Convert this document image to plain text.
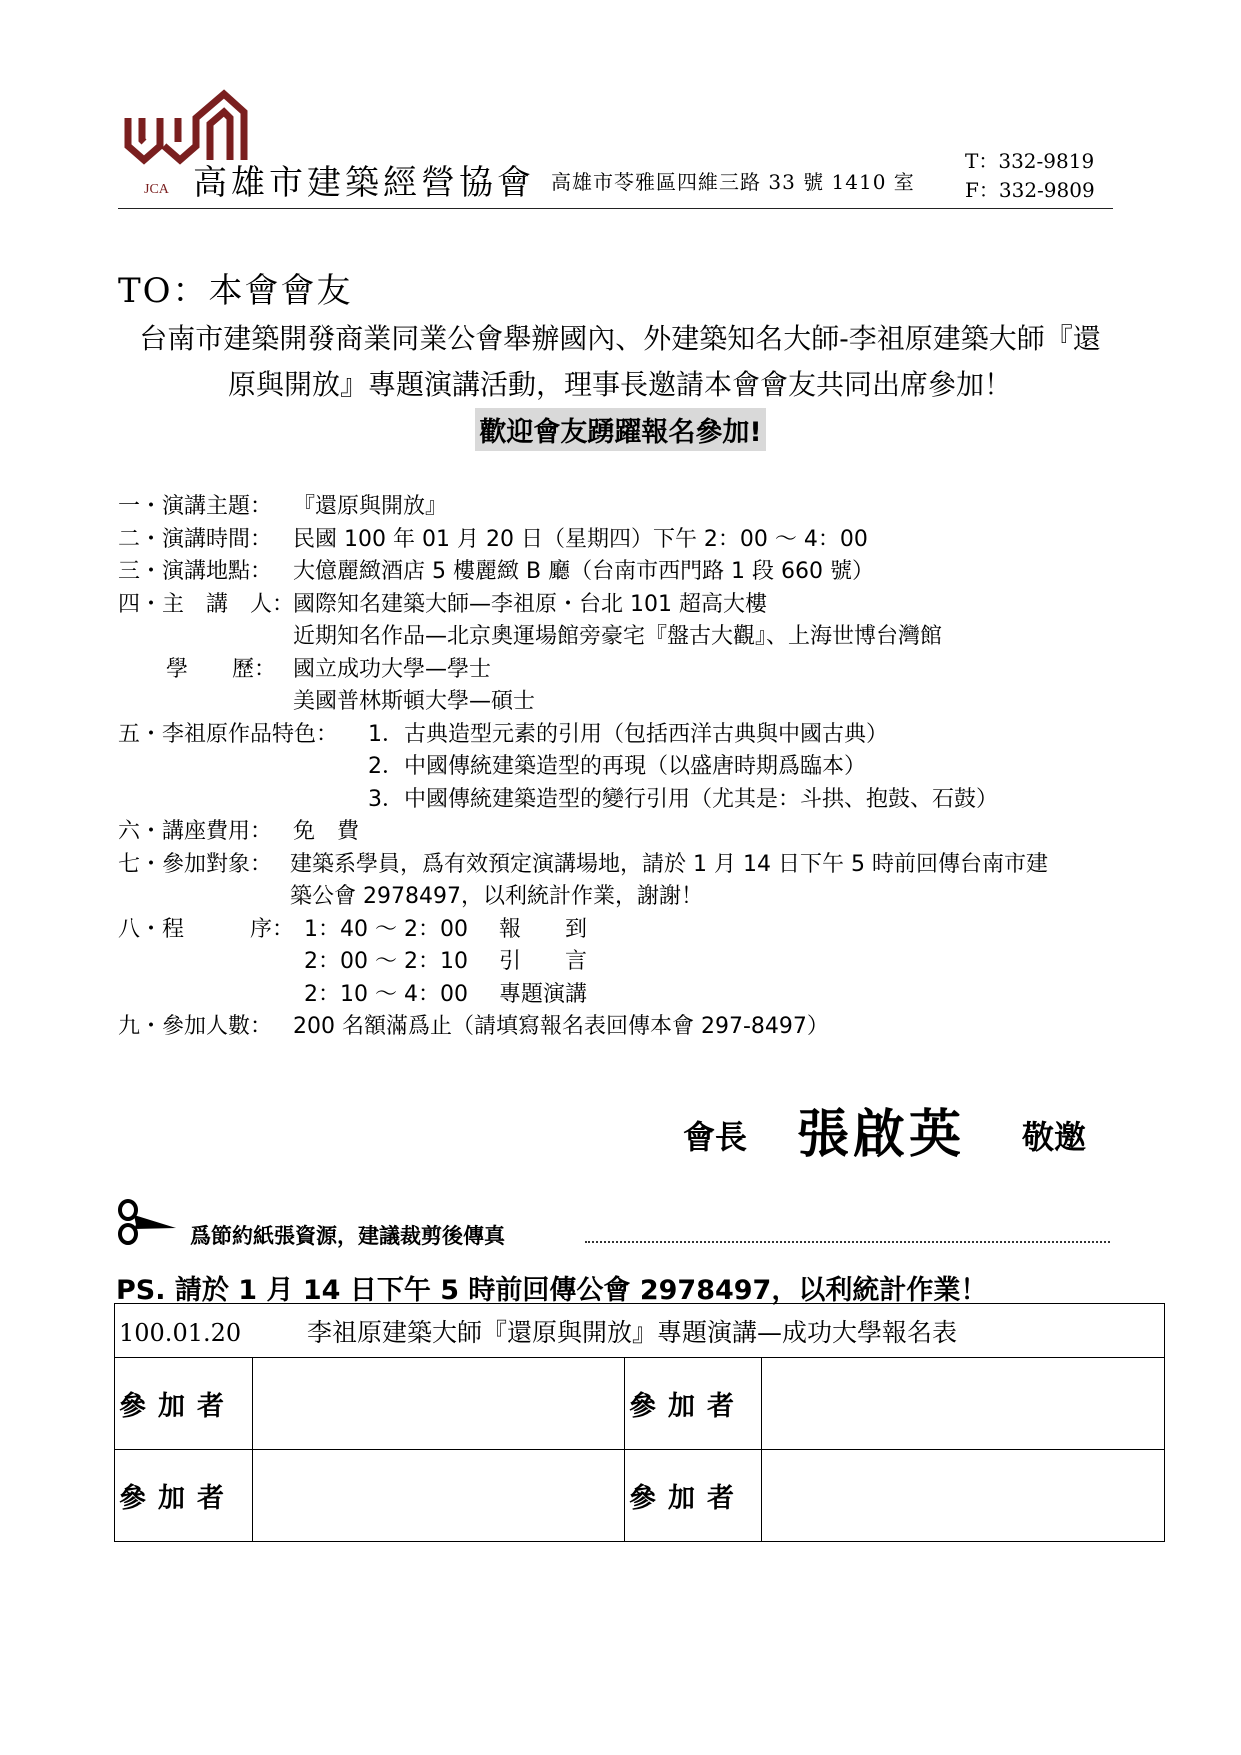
JCA 高雄市建築經營協會 高雄市苓雅區四維三路 33 號 1410 室
T：332-9819
F：332-9809
TO：本會會友
台南市建築開發商業同業公會舉辦國內、外建築知名大師-李祖原建築大師『還
原與開放』專題演講活動，理事長邀請本會會友共同出席參加！
歡迎會友踴躍報名參加!
一・演講主題： 『還原與開放』
二・演講時間： 民國 100 年 01 月 20 日（星期四）下午 2：00 ～ 4：00
三・演講地點： 大億麗緻酒店 5 樓麗緻 B 廳（台南市西門路 1 段 660 號）
四・主　講　人：
國際知名建築大師—李祖原・台北 101 超高大樓
近期知名作品—北京奧運場館旁豪宅『盤古大觀』、上海世博台灣館
學　　歷： 國立成功大學—學士
美國普林斯頓大學—碩士
五・李祖原作品特色：	1．古典造型元素的引用（包括西洋古典與中國古典）
2．中國傳統建築造型的再現（以盛唐時期爲臨本）
3．中國傳統建築造型的變行引用（尤其是：斗拱、抱鼓、石鼓）
六・講座費用： 免　費
七・參加對象： 建築系學員，爲有效預定演講場地，請於 1 月 14 日下午 5 時前回傳台南市建
築公會 2978497，以利統計作業，謝謝！
八・程　　　序： 1：40 ～ 2：00 報　　到
2：00 ～ 2：10 引　　言
2：10 ～ 4：00 專題演講
九・參加人數： 200 名額滿爲止（請填寫報名表回傳本會 297-8497）
會長 張啟英 敬邀
爲節約紙張資源，建議裁剪後傳真
PS. 請於 1 月 14 日下午 5 時前回傳公會 2978497，以利統計作業！
100.01.20 李祖原建築大師『還原與開放』專題演講—成功大學報名表			
參加者		參加者	
參加者		參加者	
